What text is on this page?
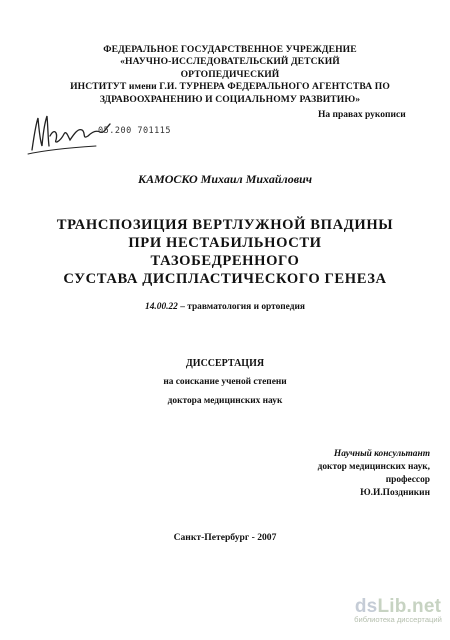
ФЕДЕРАЛЬНОЕ ГОСУДАРСТВЕННОЕ УЧРЕЖДЕНИЕ
«НАУЧНО-ИССЛЕДОВАТЕЛЬСКИЙ ДЕТСКИЙ ОРТОПЕДИЧЕСКИЙ
ИНСТИТУТ имени Г.И. ТУРНЕРА ФЕДЕРАЛЬНОГО АГЕНТСТВА ПО
ЗДРАВООХРАНЕНИЮ И СОЦИАЛЬНОМУ РАЗВИТИЮ»
На правах рукописи
05.200 701115
КАМОСКО Михаил Михайлович
ТРАНСПОЗИЦИЯ ВЕРТЛУЖНОЙ ВПАДИНЫ
ПРИ НЕСТАБИЛЬНОСТИ ТАЗОБЕДРЕННОГО
СУСТАВА ДИСПЛАСТИЧЕСКОГО ГЕНЕЗА
14.00.22 – травматология и ортопедия
ДИССЕРТАЦИЯ
на соискание ученой степени
доктора медицинских наук
Научный консультант
доктор медицинских наук,
профессор
Ю.И.Поздникин
Санкт-Петербург - 2007
dsLib.net
библиотека диссертаций
